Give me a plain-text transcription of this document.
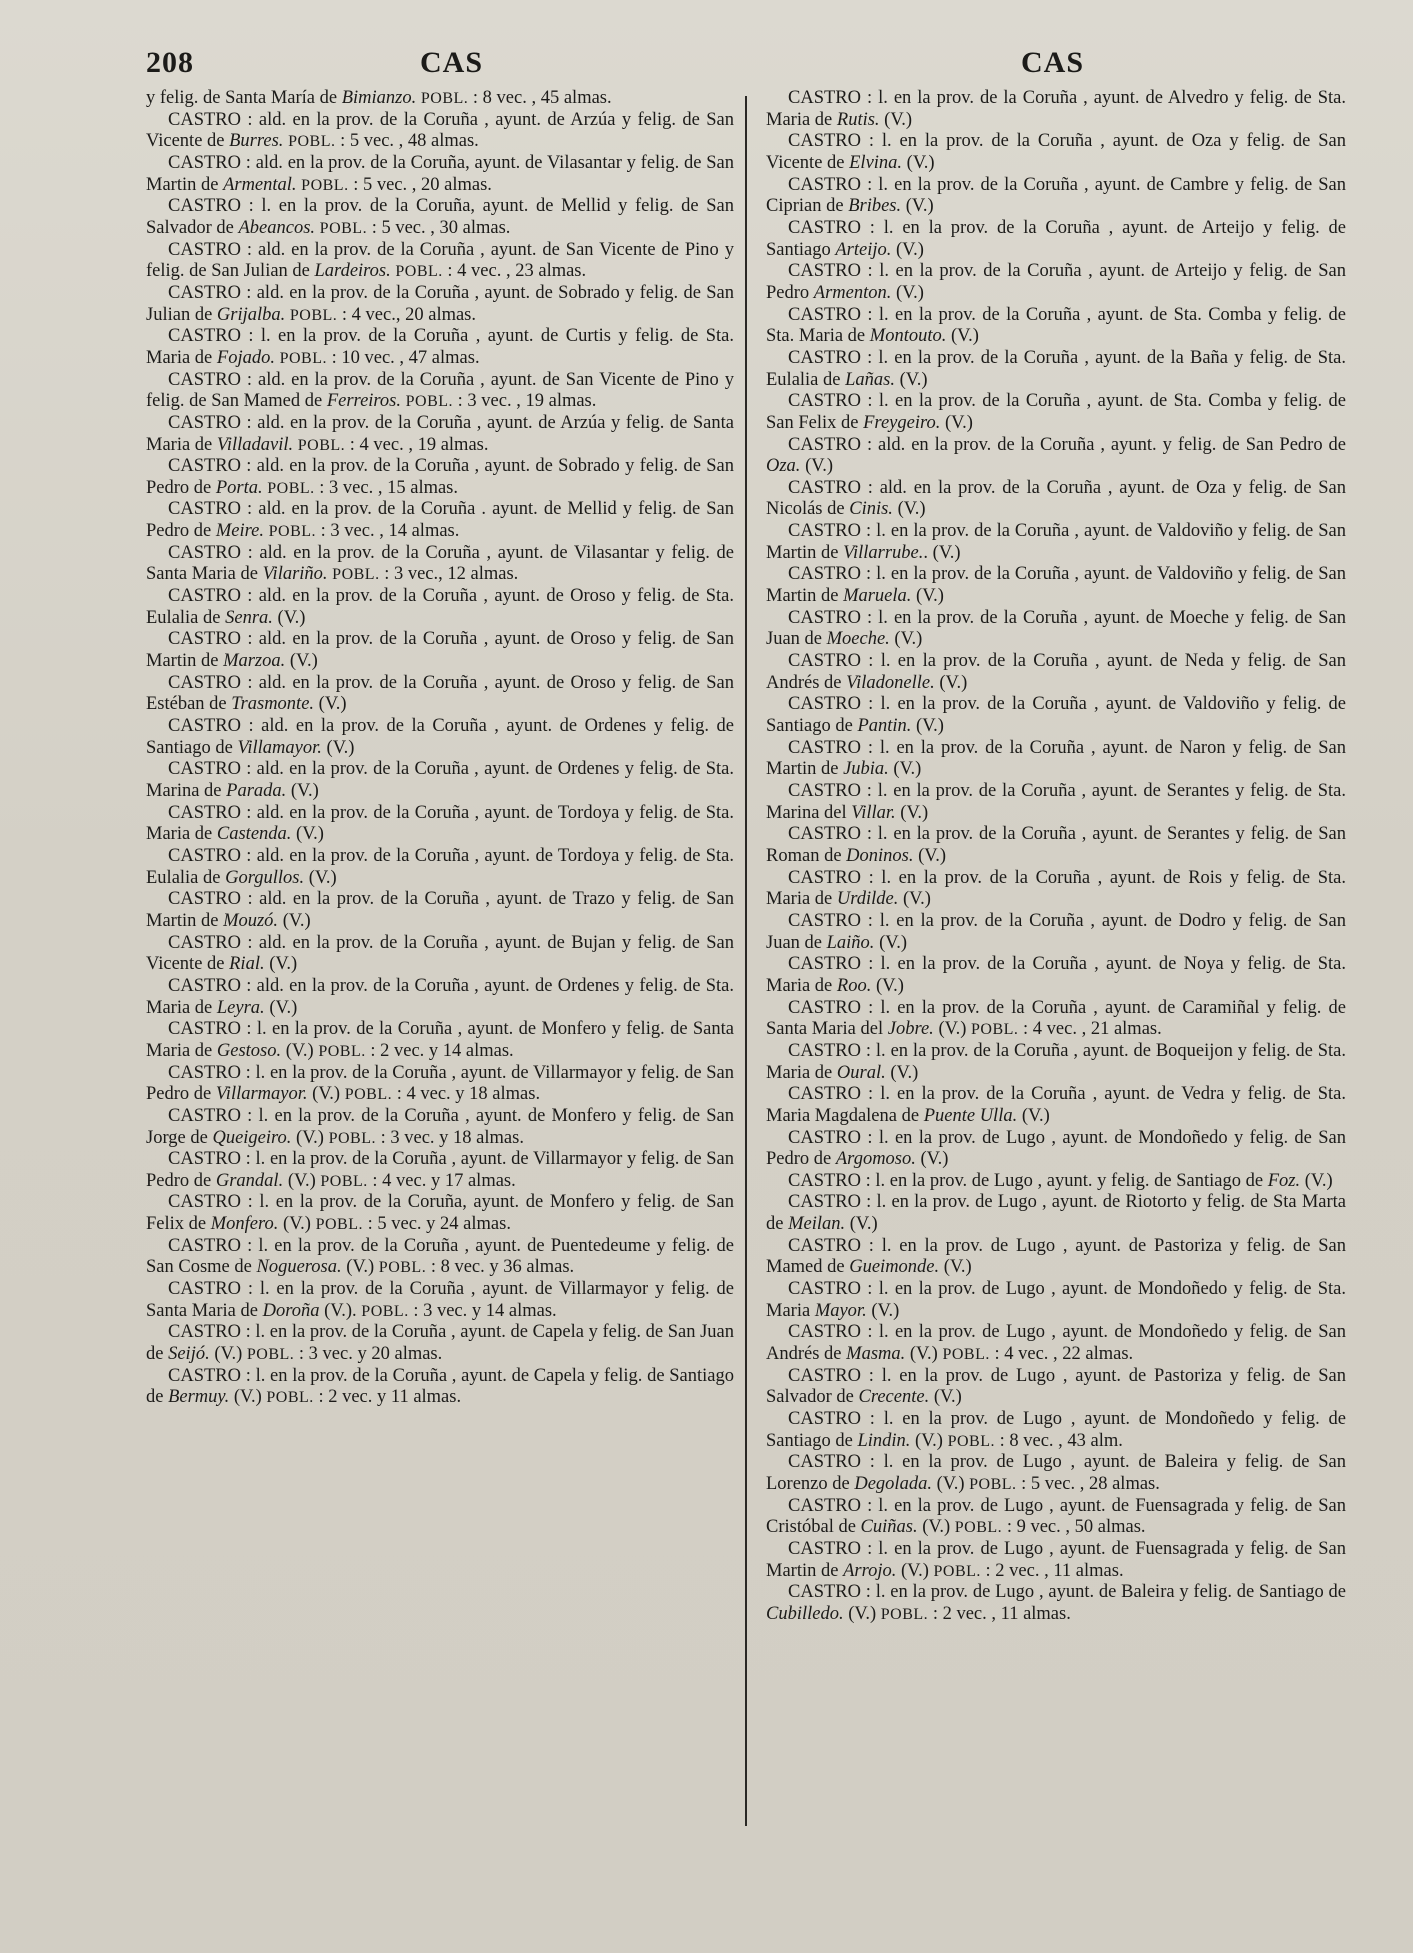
208	CAS	CAS

y felig. de Santa María de Bimianzo. POBL. : 8 vec. , 45 almas.

CASTRO : ald. en la prov. de la Coruña , ayunt. de Arzúa y felig. de San Vicente de Burres. POBL. : 5 vec. , 48 almas.

CASTRO : ald. en la prov. de la Coruña, ayunt. de Vilasantar y felig. de San Martin de Armental. POBL. : 5 vec. , 20 almas.

CASTRO : l. en la prov. de la Coruña, ayunt. de Mellid y felig. de San Salvador de Abeancos. POBL. : 5 vec. , 30 almas.

CASTRO : ald. en la prov. de la Coruña , ayunt. de San Vicente de Pino y felig. de San Julian de Lardeiros. POBL. : 4 vec. , 23 almas.

CASTRO : ald. en la prov. de la Coruña , ayunt. de Sobrado y felig. de San Julian de Grijalba. POBL. : 4 vec., 20 almas.

CASTRO : l. en la prov. de la Coruña , ayunt. de Curtis y felig. de Sta. Maria de Fojado. POBL. : 10 vec. , 47 almas.

CASTRO : ald. en la prov. de la Coruña , ayunt. de San Vicente de Pino y felig. de San Mamed de Ferreiros. POBL. : 3 vec. , 19 almas.

CASTRO : ald. en la prov. de la Coruña , ayunt. de Arzúa y felig. de Santa Maria de Villadavil. POBL. : 4 vec. , 19 almas.

CASTRO : ald. en la prov. de la Coruña , ayunt. de Sobrado y felig. de San Pedro de Porta. POBL. : 3 vec. , 15 almas.

CASTRO : ald. en la prov. de la Coruña . ayunt. de Mellid y felig. de San Pedro de Meire. POBL. : 3 vec. , 14 almas.

CASTRO : ald. en la prov. de la Coruña , ayunt. de Vilasantar y felig. de Santa Maria de Vilariño. POBL. : 3 vec., 12 almas.

CASTRO : ald. en la prov. de la Coruña , ayunt. de Oroso y felig. de Sta. Eulalia de Senra. (V.)

CASTRO : ald. en la prov. de la Coruña , ayunt. de Oroso y felig. de San Martin de Marzoa. (V.)

CASTRO : ald. en la prov. de la Coruña , ayunt. de Oroso y felig. de San Estéban de Trasmonte. (V.)

CASTRO : ald. en la prov. de la Coruña , ayunt. de Ordenes y felig. de Santiago de Villamayor. (V.)

CASTRO : ald. en la prov. de la Coruña , ayunt. de Ordenes y felig. de Sta. Marina de Parada. (V.)

CASTRO : ald. en la prov. de la Coruña , ayunt. de Tordoya y felig. de Sta. Maria de Castenda. (V.)

CASTRO : ald. en la prov. de la Coruña , ayunt. de Tordoya y felig. de Sta. Eulalia de Gorgullos. (V.)

CASTRO : ald. en la prov. de la Coruña , ayunt. de Trazo y felig. de San Martin de Mouzó. (V.)

CASTRO : ald. en la prov. de la Coruña , ayunt. de Bujan y felig. de San Vicente de Rial. (V.)

CASTRO : ald. en la prov. de la Coruña , ayunt. de Ordenes y felig. de Sta. Maria de Leyra. (V.)

CASTRO : l. en la prov. de la Coruña , ayunt. de Monfero y felig. de Santa Maria de Gestoso. (V.) POBL. : 2 vec. y 14 almas.

CASTRO : l. en la prov. de la Coruña , ayunt. de Villarmayor y felig. de San Pedro de Villarmayor. (V.) POBL. : 4 vec. y 18 almas.

CASTRO : l. en la prov. de la Coruña , ayunt. de Monfero y felig. de San Jorge de Queigeiro. (V.) POBL. : 3 vec. y 18 almas.

CASTRO : l. en la prov. de la Coruña , ayunt. de Villarmayor y felig. de San Pedro de Grandal. (V.) POBL. : 4 vec. y 17 almas.

CASTRO : l. en la prov. de la Coruña, ayunt. de Monfero y felig. de San Felix de Monfero. (V.) POBL. : 5 vec. y 24 almas.

CASTRO : l. en la prov. de la Coruña , ayunt. de Puentedeume y felig. de San Cosme de Noguerosa. (V.) POBL. : 8 vec. y 36 almas.

CASTRO : l. en la prov. de la Coruña , ayunt. de Villarmayor y felig. de Santa Maria de Doroña (V.). POBL. : 3 vec. y 14 almas.

CASTRO : l. en la prov. de la Coruña , ayunt. de Capela y felig. de San Juan de Seijó. (V.) POBL. : 3 vec. y 20 almas.

CASTRO : l. en la prov. de la Coruña , ayunt. de Capela y felig. de Santiago de Bermuy. (V.) POBL. : 2 vec. y 11 almas.

CASTRO : l. en la prov. de la Coruña , ayunt. de Alvedro y felig. de Sta. Maria de Rutis. (V.)

CASTRO : l. en la prov. de la Coruña , ayunt. de Oza y felig. de San Vicente de Elvina. (V.)

CASTRO : l. en la prov. de la Coruña , ayunt. de Cambre y felig. de San Ciprian de Bribes. (V.)

CASTRO : l. en la prov. de la Coruña , ayunt. de Arteijo y felig. de Santiago Arteijo. (V.)

CASTRO : l. en la prov. de la Coruña , ayunt. de Arteijo y felig. de San Pedro Armenton. (V.)

CASTRO : l. en la prov. de la Coruña , ayunt. de Sta. Comba y felig. de Sta. Maria de Montouto. (V.)

CASTRO : l. en la prov. de la Coruña , ayunt. de la Baña y felig. de Sta. Eulalia de Lañas. (V.)

CASTRO : l. en la prov. de la Coruña , ayunt. de Sta. Comba y felig. de San Felix de Freygeiro. (V.)

CASTRO : ald. en la prov. de la Coruña , ayunt. y felig. de San Pedro de Oza. (V.)

CASTRO : ald. en la prov. de la Coruña , ayunt. de Oza y felig. de San Nicolás de Cinis. (V.)

CASTRO : l. en la prov. de la Coruña , ayunt. de Valdoviño y felig. de San Martin de Villarrube.. (V.)

CASTRO : l. en la prov. de la Coruña , ayunt. de Valdoviño y felig. de San Martin de Maruela. (V.)

CASTRO : l. en la prov. de la Coruña , ayunt. de Moeche y felig. de San Juan de Moeche. (V.)

CASTRO : l. en la prov. de la Coruña , ayunt. de Neda y felig. de San Andrés de Viladonelle. (V.)

CASTRO : l. en la prov. de la Coruña , ayunt. de Valdoviño y felig. de Santiago de Pantin. (V.)

CASTRO : l. en la prov. de la Coruña , ayunt. de Naron y felig. de San Martin de Jubia. (V.)

CASTRO : l. en la prov. de la Coruña , ayunt. de Serantes y felig. de Sta. Marina del Villar. (V.)

CASTRO : l. en la prov. de la Coruña , ayunt. de Serantes y felig. de San Roman de Doninos. (V.)

CASTRO : l. en la prov. de la Coruña , ayunt. de Rois y felig. de Sta. Maria de Urdilde. (V.)

CASTRO : l. en la prov. de la Coruña , ayunt. de Dodro y felig. de San Juan de Laiño. (V.)

CASTRO : l. en la prov. de la Coruña , ayunt. de Noya y felig. de Sta. Maria de Roo. (V.)

CASTRO : l. en la prov. de la Coruña , ayunt. de Caramiñal y felig. de Santa Maria del Jobre. (V.) POBL. : 4 vec. , 21 almas.

CASTRO : l. en la prov. de la Coruña , ayunt. de Boqueijon y felig. de Sta. Maria de Oural. (V.)

CASTRO : l. en la prov. de la Coruña , ayunt. de Vedra y felig. de Sta. Maria Magdalena de Puente Ulla. (V.)

CASTRO : l. en la prov. de Lugo , ayunt. de Mondoñedo y felig. de San Pedro de Argomoso. (V.)

CASTRO : l. en la prov. de Lugo , ayunt. y felig. de Santiago de Foz. (V.)

CASTRO : l. en la prov. de Lugo , ayunt. de Riotorto y felig. de Sta Marta de Meilan. (V.)

CASTRO : l. en la prov. de Lugo , ayunt. de Pastoriza y felig. de San Mamed de Gueimonde. (V.)

CASTRO : l. en la prov. de Lugo , ayunt. de Mondoñedo y felig. de Sta. Maria Mayor. (V.)

CASTRO : l. en la prov. de Lugo , ayunt. de Mondoñedo y felig. de San Andrés de Masma. (V.) POBL. : 4 vec. , 22 almas.

CASTRO : l. en la prov. de Lugo , ayunt. de Pastoriza y felig. de San Salvador de Crecente. (V.)

CASTRO : l. en la prov. de Lugo , ayunt. de Mondoñedo y felig. de Santiago de Lindin. (V.) POBL. : 8 vec. , 43 alm.

CASTRO : l. en la prov. de Lugo , ayunt. de Baleira y felig. de San Lorenzo de Degolada. (V.) POBL. : 5 vec. , 28 almas.

CASTRO : l. en la prov. de Lugo , ayunt. de Fuensagrada y felig. de San Cristóbal de Cuiñas. (V.) POBL. : 9 vec. , 50 almas.

CASTRO : l. en la prov. de Lugo , ayunt. de Fuensagrada y felig. de San Martin de Arrojo. (V.) POBL. : 2 vec. , 11 almas.

CASTRO : l. en la prov. de Lugo , ayunt. de Baleira y felig. de Santiago de Cubilledo. (V.) POBL. : 2 vec. , 11 almas.
